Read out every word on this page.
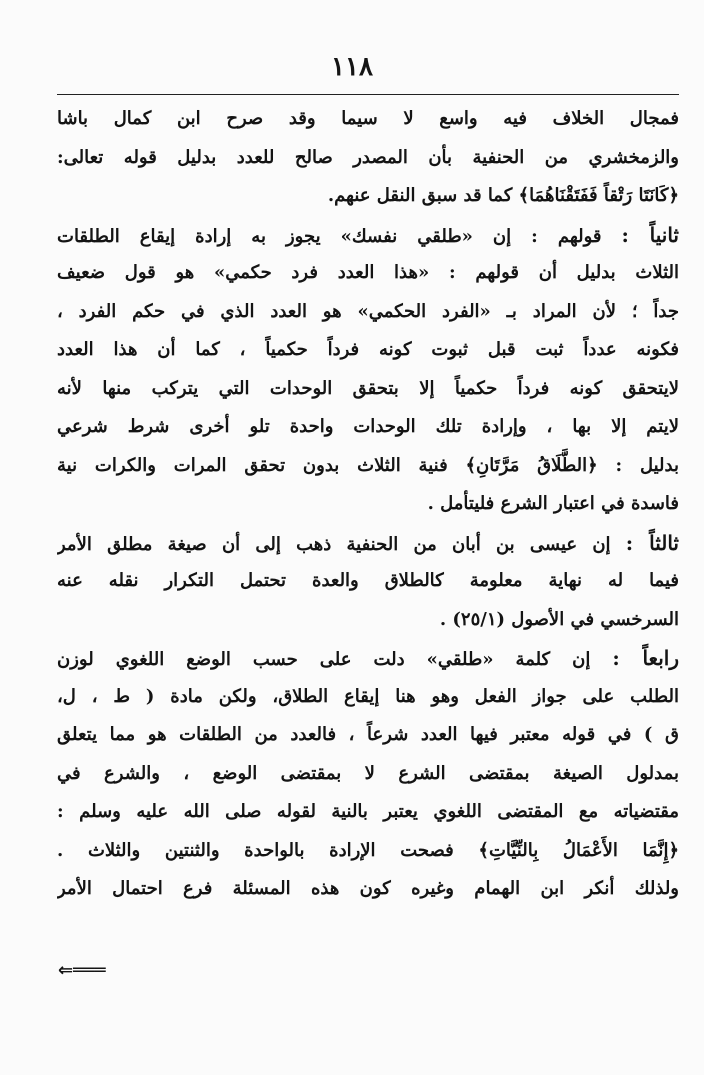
١١٨
فمجال الخلاف فيه واسع لا سيما وقد صرح ابن كمال باشا
والزمخشري من الحنفية بأن المصدر صالح للعدد بدليل قوله تعالى:
﴿كَانَتَا رَتْقاً فَفَتَقْنَاهُمَا﴾ كما قد سبق النقل عنهم.
ثانياً : قولهم : إن «طلقي نفسك» يجوز به إرادة إيقاع الطلقات
الثلاث بدليل أن قولهم : «هذا العدد فرد حكمي» هو قول ضعيف
جداً ؛ لأن المراد بـ «الفرد الحكمي» هو العدد الذي في حكم الفرد ،
فكونه عدداً ثبت قبل ثبوت كونه فرداً حكمياً ، كما أن هذا العدد
لايتحقق كونه فرداً حكمياً إلا بتحقق الوحدات التي يتركب منها لأنه
لايتم إلا بها ، وإرادة تلك الوحدات واحدة تلو أخرى شرط شرعي
بدليل : ﴿الطَّلَاقُ مَرَّتَانِ﴾ فنية الثلاث بدون تحقق المرات والكرات نية
فاسدة في اعتبار الشرع فليتأمل .
ثالثاً : إن عيسى بن أبان من الحنفية ذهب إلى أن صيغة مطلق الأمر
فيما له نهاية معلومة كالطلاق والعدة تحتمل التكرار نقله عنه
السرخسي في الأصول (٢٥/١) .
رابعاً : إن كلمة «طلقي» دلت على حسب الوضع اللغوي لوزن
الطلب على جواز الفعل وهو هنا إيقاع الطلاق، ولكن مادة ( ط ، ل،
ق ) في قوله معتبر فيها العدد شرعاً ، فالعدد من الطلقات هو مما يتعلق
بمدلول الصيغة بمقتضى الشرع لا بمقتضى الوضع ، والشرع في
مقتضياته مع المقتضى اللغوي يعتبر بالنية لقوله صلى الله عليه وسلم :
﴿إِنَّمَا الأَعْمَالُ بِالنِّيَّاتِ﴾ فصحت الإرادة بالواحدة والثنتين والثلاث .
ولذلك أنكر ابن الهمام وغيره كون هذه المسئلة فرع احتمال الأمر
⇐═══
